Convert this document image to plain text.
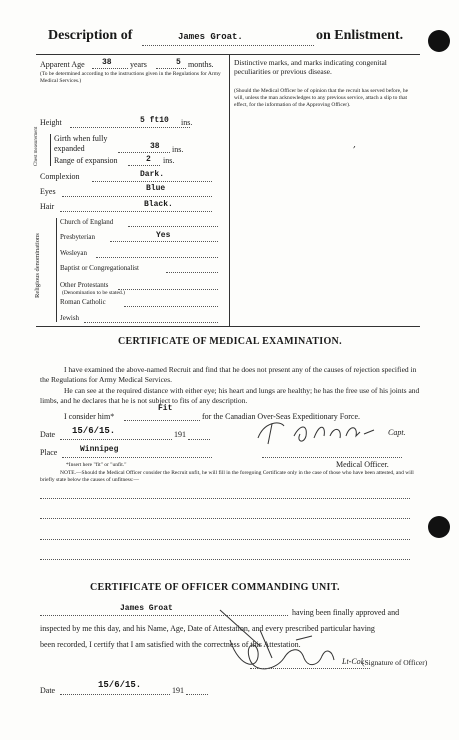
Description of	James Groat.	on Enlistment.
Apparent Age 38 years	5 months.
(To be determined according to the instructions given in the Regulations for Army Medical Services.)
Distinctive marks, and marks indicating congenital peculiarities or previous disease.
(Should the Medical Officer be of opinion that the recruit has served before, he will, unless the man acknowledges to any previous service, attach a slip to that effect, for the information of the Approving Officer).
,
Height	5 ft10 ins.
Chest measurement Girth when fully expanded	38 ins.
Range of expansion	2 ins.
Complexion	Dark.
Eyes	Blue
Hair	Black.
Religious denominations
Church of England
Presbyterian	Yes
Wesleyan
Baptist or Congregationalist
Other Protestants
(Denomination to be stated.)
Roman Catholic
Jewish
CERTIFICATE OF MEDICAL EXAMINATION.
I have examined the above-named Recruit and find that he does not present any of the causes of rejection specified in the Regulations for Army Medical Services.
He can see at the required distance with either eye; his heart and lungs are healthy; he has the free use of his joints and limbs, and he declares that he is not subject to fits of any description.
Fit
I consider him*	for the Canadian Over-Seas Expeditionary Force.
Date 15/6/15.	191	Capt.
Place	Winnipeg
Medical Officer.
*Insert here "fit" or "unfit."
NOTE.—Should the Medical Officer consider the Recruit unfit, he will fill in the foregoing Certificate only in the case of those who have been attested, and will briefly state below the causes of unfitness:—
CERTIFICATE OF OFFICER COMMANDING UNIT.
James Groat	having been finally approved and
inspected by me this day, and his Name, Age, Date of Attestation, and every prescribed particular having
been recorded, I certify that I am satisfied with the correctness of this Attestation.
Lt-Col.
(Signature of Officer)
Date
15/6/15.
191
